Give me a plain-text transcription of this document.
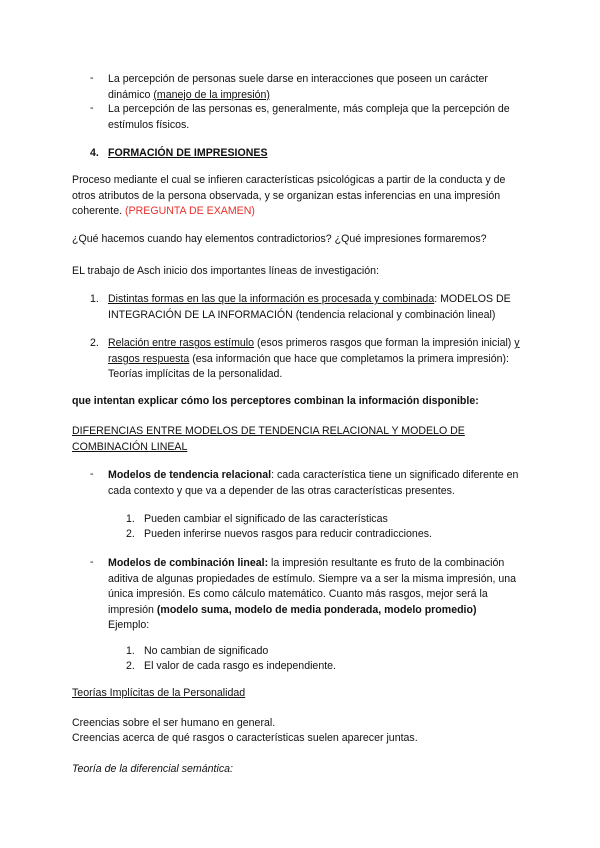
- La percepción de personas suele darse en interacciones que poseen un carácter dinámico (manejo de la impresión)
- La percepción de las personas es, generalmente, más compleja que la percepción de estímulos físicos.
4. FORMACIÓN DE IMPRESIONES
Proceso mediante el cual se infieren características psicológicas a partir de la conducta y de otros atributos de la persona observada, y se organizan estas inferencias en una impresión coherente. (PREGUNTA DE EXAMEN)
¿Qué hacemos cuando hay elementos contradictorios? ¿Qué impresiones formaremos?
EL trabajo de Asch inicio dos importantes líneas de investigación:
1. Distintas formas en las que la información es procesada y combinada: MODELOS DE INTEGRACIÓN DE LA INFORMACIÓN (tendencia relacional y combinación lineal)
2. Relación entre rasgos estímulo (esos primeros rasgos que forman la impresión inicial) y rasgos respuesta (esa información que hace que completamos la primera impresión): Teorías implícitas de la personalidad.
que intentan explicar cómo los perceptores combinan la información disponible:
DIFERENCIAS ENTRE MODELOS DE TENDENCIA RELACIONAL Y MODELO DE COMBINACIÓN LINEAL
- Modelos de tendencia relacional: cada característica tiene un significado diferente en cada contexto y que va a depender de las otras características presentes.
1. Pueden cambiar el significado de las características
2. Pueden inferirse nuevos rasgos para reducir contradicciones.
- Modelos de combinación lineal: la impresión resultante es fruto de la combinación aditiva de algunas propiedades de estímulo. Siempre va a ser la misma impresión, una única impresión. Es como cálculo matemático. Cuanto más rasgos, mejor será la impresión (modelo suma, modelo de media ponderada, modelo promedio)
Ejemplo:
1. No cambian de significado
2. El valor de cada rasgo es independiente.
Teorías Implícitas de la Personalidad
Creencias sobre el ser humano en general.
Creencias acerca de qué rasgos o características suelen aparecer juntas.
Teoría de la diferencial semántica:
